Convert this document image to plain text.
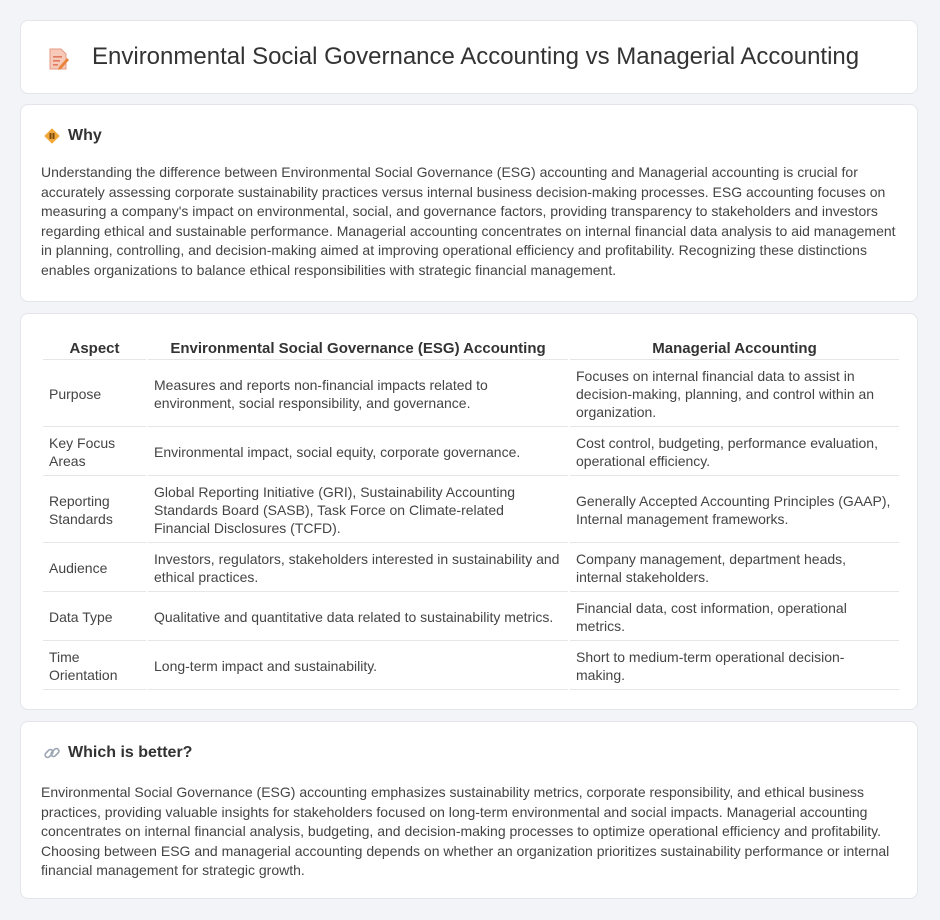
Environmental Social Governance Accounting vs Managerial Accounting
Why

Understanding the difference between Environmental Social Governance (ESG) accounting and Managerial accounting is crucial for accurately assessing corporate sustainability practices versus internal business decision-making processes. ESG accounting focuses on measuring a company's impact on environmental, social, and governance factors, providing transparency to stakeholders and investors regarding ethical and sustainable performance. Managerial accounting concentrates on internal financial data analysis to aid management in planning, controlling, and decision-making aimed at improving operational efficiency and profitability. Recognizing these distinctions enables organizations to balance ethical responsibilities with strategic financial management.

Aspect	Environmental Social Governance (ESG) Accounting	Managerial Accounting
Purpose	Measures and reports non-financial impacts related to environment, social responsibility, and governance.	Focuses on internal financial data to assist in decision-making, planning, and control within an organization.
Key Focus Areas	Environmental impact, social equity, corporate governance.	Cost control, budgeting, performance evaluation, operational efficiency.
Reporting Standards	Global Reporting Initiative (GRI), Sustainability Accounting Standards Board (SASB), Task Force on Climate-related Financial Disclosures (TCFD).	Generally Accepted Accounting Principles (GAAP), Internal management frameworks.
Audience	Investors, regulators, stakeholders interested in sustainability and ethical practices.	Company management, department heads, internal stakeholders.
Data Type	Qualitative and quantitative data related to sustainability metrics.	Financial data, cost information, operational metrics.
Time Orientation	Long-term impact and sustainability.	Short to medium-term operational decision-making.
Which is better?

Environmental Social Governance (ESG) accounting emphasizes sustainability metrics, corporate responsibility, and ethical business practices, providing valuable insights for stakeholders focused on long-term environmental and social impacts. Managerial accounting concentrates on internal financial analysis, budgeting, and decision-making processes to optimize operational efficiency and profitability. Choosing between ESG and managerial accounting depends on whether an organization prioritizes sustainability performance or internal financial management for strategic growth.
